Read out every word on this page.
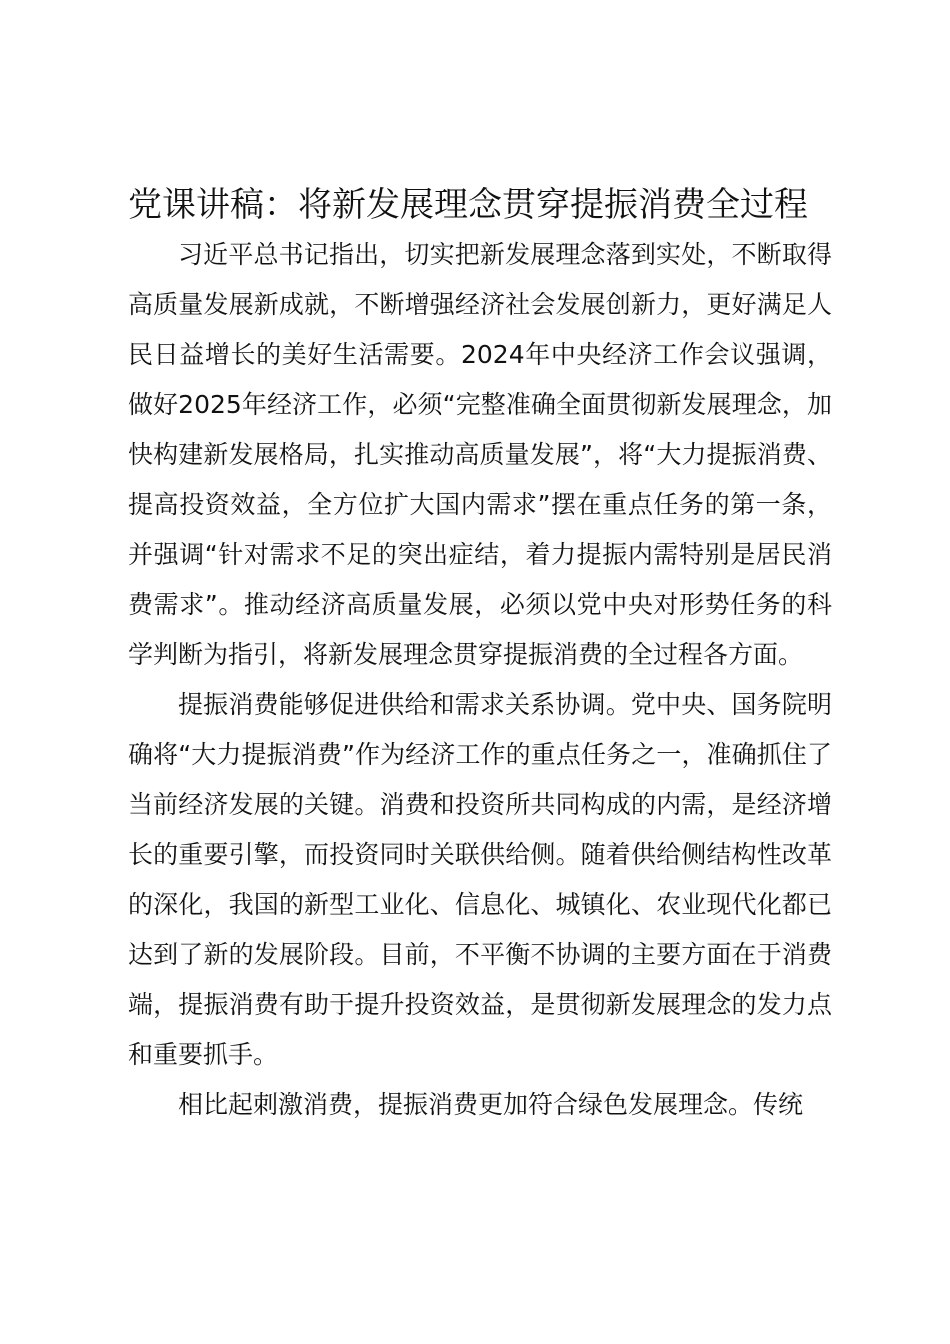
党课讲稿：将新发展理念贯穿提振消费全过程

习近平总书记指出，切实把新发展理念落到实处，不断取得高质量发展新成就，不断增强经济社会发展创新力，更好满足人民日益增长的美好生活需要。2024年中央经济工作会议强调，做好2025年经济工作，必须“完整准确全面贯彻新发展理念，加快构建新发展格局，扎实推动高质量发展”，将“大力提振消费、提高投资效益，全方位扩大国内需求”摆在重点任务的第一条，并强调“针对需求不足的突出症结，着力提振内需特别是居民消费需求”。推动经济高质量发展，必须以党中央对形势任务的科学判断为指引，将新发展理念贯穿提振消费的全过程各方面。

提振消费能够促进供给和需求关系协调。党中央、国务院明确将“大力提振消费”作为经济工作的重点任务之一，准确抓住了当前经济发展的关键。消费和投资所共同构成的内需，是经济增长的重要引擎，而投资同时关联供给侧。随着供给侧结构性改革的深化，我国的新型工业化、信息化、城镇化、农业现代化都已达到了新的发展阶段。目前，不平衡不协调的主要方面在于消费端，提振消费有助于提升投资效益，是贯彻新发展理念的发力点和重要抓手。

相比起刺激消费，提振消费更加符合绿色发展理念。传统
